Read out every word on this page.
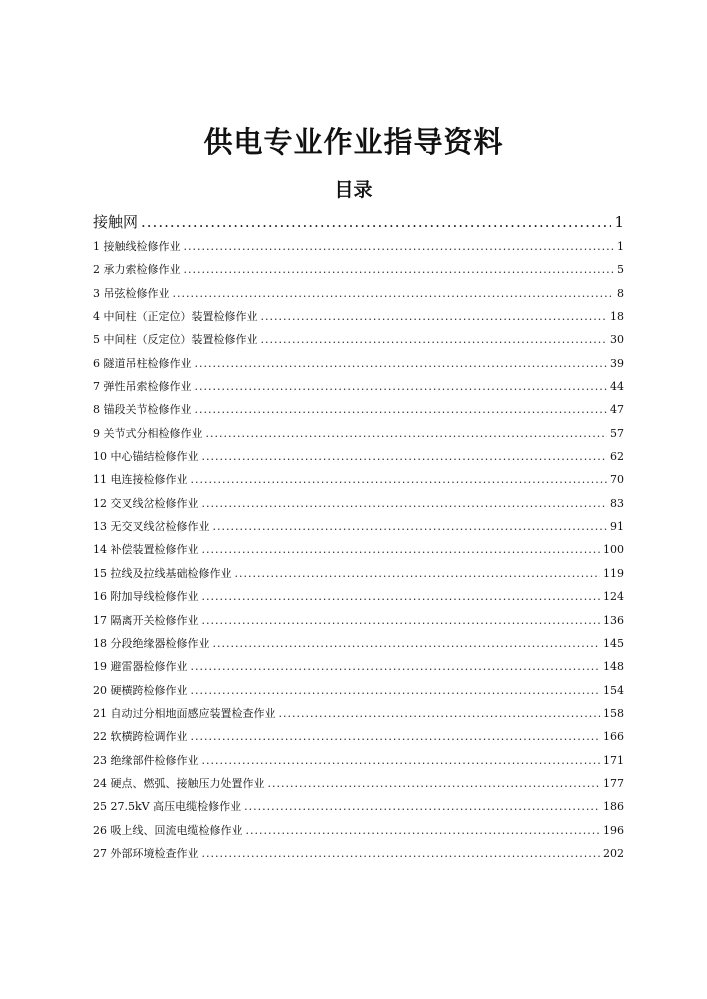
供电专业作业指导资料
目录
接触网 .....	1
1 接触线检修作业 .....	1
2 承力索检修作业 .....	5
3 吊弦检修作业 .....	8
4 中间柱（正定位）装置检修作业 .....	18
5 中间柱（反定位）装置检修作业 .....	30
6 隧道吊柱检修作业 .....	39
7 弹性吊索检修作业 .....	44
8 锚段关节检修作业 .....	47
9 关节式分相检修作业 .....	57
10 中心锚结检修作业 .....	62
11 电连接检修作业 .....	70
12 交叉线岔检修作业 .....	83
13 无交叉线岔检修作业 .....	91
14 补偿装置检修作业 .....	100
15 拉线及拉线基础检修作业 .....	119
16 附加导线检修作业 .....	124
17 隔离开关检修作业 .....	136
18 分段绝缘器检修作业 .....	145
19 避雷器检修作业 .....	148
20 硬横跨检修作业 .....	154
21 自动过分相地面感应装置检查作业 .....	158
22 软横跨检调作业 .....	166
23 绝缘部件检修作业 .....	171
24 硬点、燃弧、接触压力处置作业 .....	177
25 27.5kV 高压电缆检修作业 .....	186
26 吸上线、回流电缆检修作业 .....	196
27 外部环境检查作业 .....	202
